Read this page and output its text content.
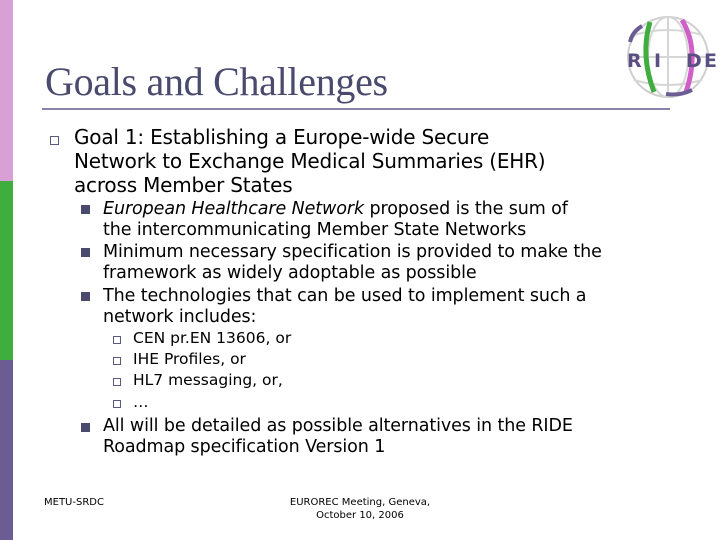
Goals and Challenges	R I D E
Goal 1: Establishing a Europe-wide Secure
Network to Exchange Medical Summaries (EHR)
across Member States
European Healthcare Network proposed is the sum of
the intercommunicating Member State Networks
Minimum necessary specification is provided to make the
framework as widely adoptable as possible
The technologies that can be used to implement such a
network includes:
CEN pr.EN 13606, or
IHE Profiles, or
HL7 messaging, or,
…
All will be detailed as possible alternatives in the RIDE
Roadmap specification Version 1
METU-SRDC	EUROREC Meeting, Geneva,
October 10, 2006
